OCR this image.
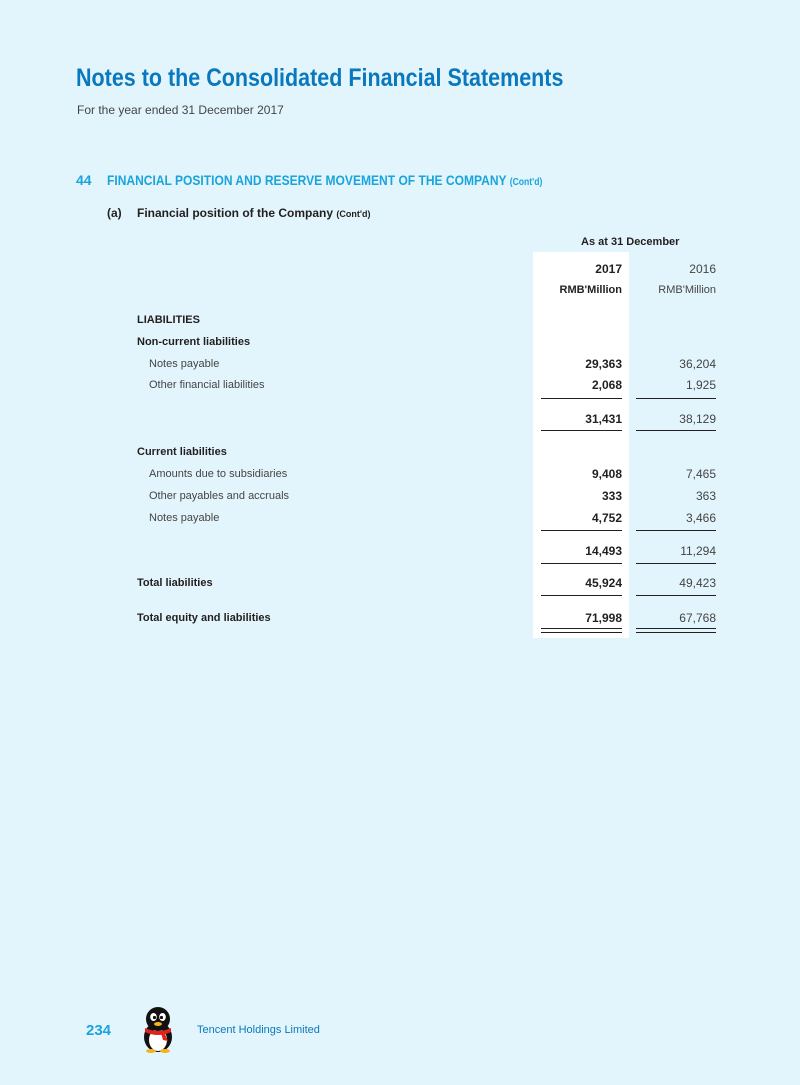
Notes to the Consolidated Financial Statements
For the year ended 31 December 2017
44 FINANCIAL POSITION AND RESERVE MOVEMENT OF THE COMPANY (Cont'd)
(a) Financial position of the Company (Cont'd)
As at 31 December
2017	2016
RMB'Million	RMB'Million
LIABILITIES
Non-current liabilities
Notes payable	29,363	36,204
Other financial liabilities	2,068	1,925
31,431	38,129
Current liabilities
Amounts due to subsidiaries	9,408	7,465
Other payables and accruals	333	363
Notes payable	4,752	3,466
14,493	11,294
Total liabilities	45,924	49,423
Total equity and liabilities	71,998	67,768
234	Tencent Holdings Limited
